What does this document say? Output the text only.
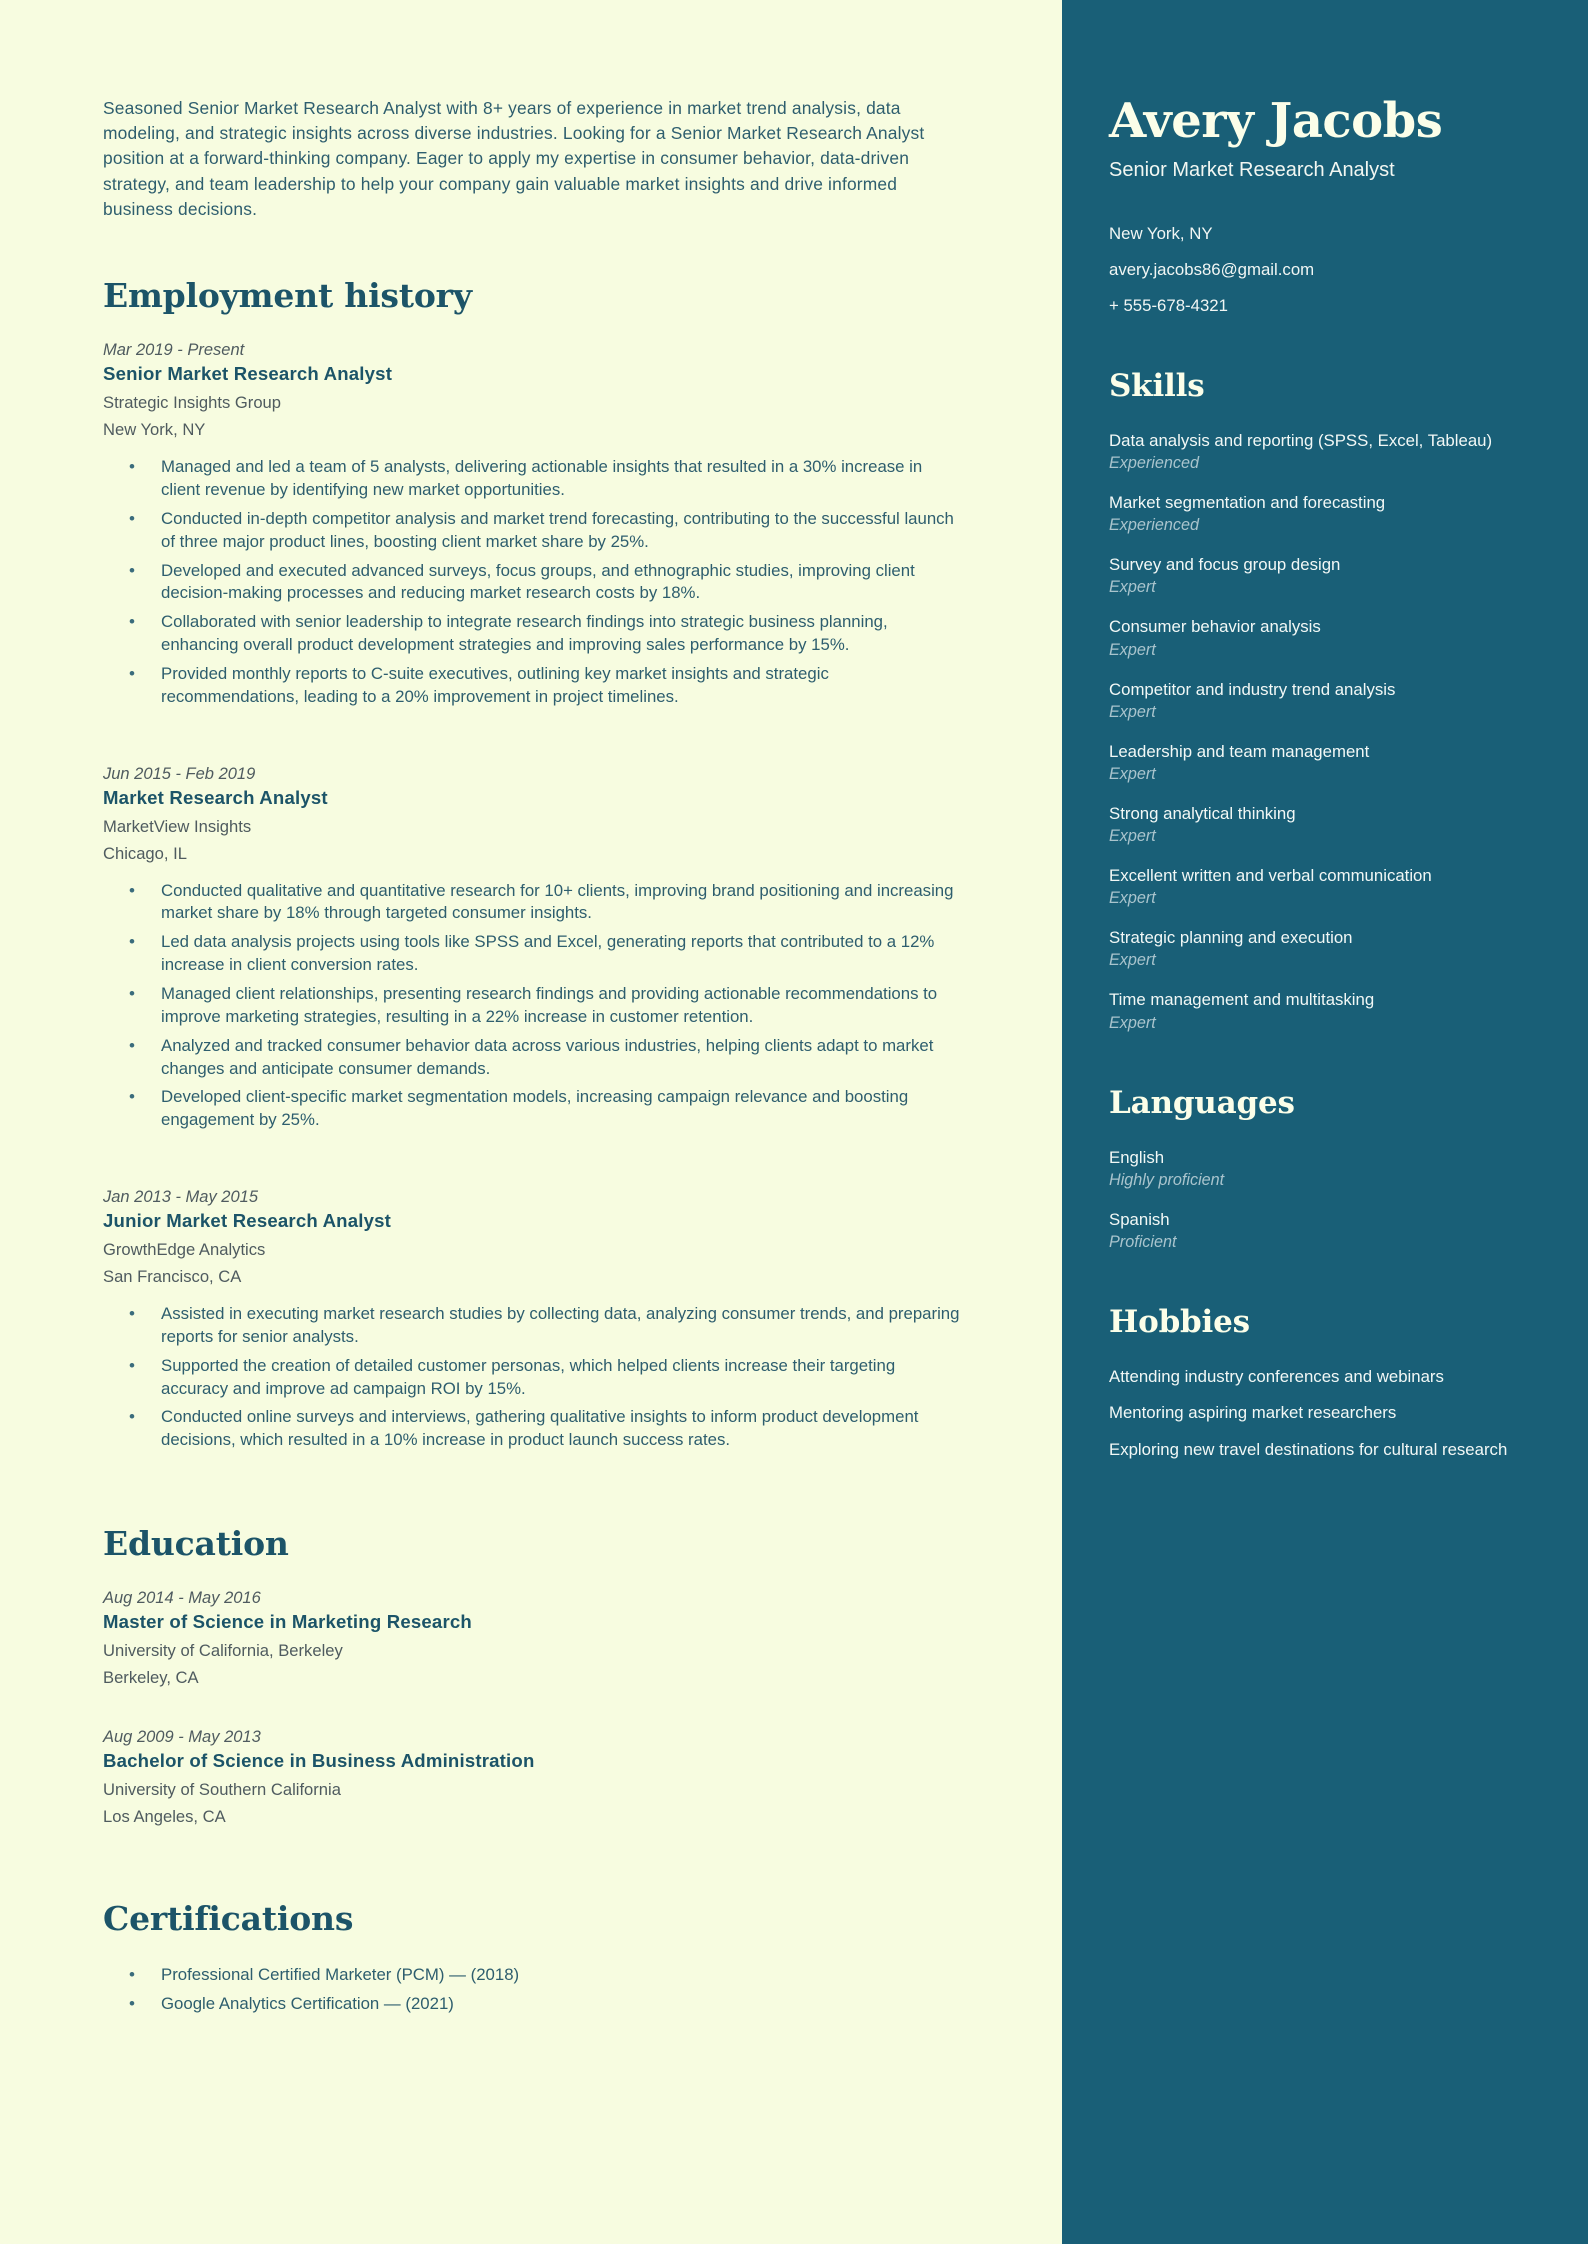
Seasoned Senior Market Research Analyst with 8+ years of experience in market trend analysis, data modeling, and strategic insights across diverse industries. Looking for a Senior Market Research Analyst position at a forward-thinking company. Eager to apply my expertise in consumer behavior, data-driven strategy, and team leadership to help your company gain valuable market insights and drive informed business decisions.

Employment history
Mar 2019 - Present
Senior Market Research Analyst
Strategic Insights Group
New York, NY
• Managed and led a team of 5 analysts, delivering actionable insights that resulted in a 30% increase in client revenue by identifying new market opportunities.
• Conducted in-depth competitor analysis and market trend forecasting, contributing to the successful launch of three major product lines, boosting client market share by 25%.
• Developed and executed advanced surveys, focus groups, and ethnographic studies, improving client decision-making processes and reducing market research costs by 18%.
• Collaborated with senior leadership to integrate research findings into strategic business planning, enhancing overall product development strategies and improving sales performance by 15%.
• Provided monthly reports to C-suite executives, outlining key market insights and strategic recommendations, leading to a 20% improvement in project timelines.
Jun 2015 - Feb 2019
Market Research Analyst
MarketView Insights
Chicago, IL
• Conducted qualitative and quantitative research for 10+ clients, improving brand positioning and increasing market share by 18% through targeted consumer insights.
• Led data analysis projects using tools like SPSS and Excel, generating reports that contributed to a 12% increase in client conversion rates.
• Managed client relationships, presenting research findings and providing actionable recommendations to improve marketing strategies, resulting in a 22% increase in customer retention.
• Analyzed and tracked consumer behavior data across various industries, helping clients adapt to market changes and anticipate consumer demands.
• Developed client-specific market segmentation models, increasing campaign relevance and boosting engagement by 25%.
Jan 2013 - May 2015
Junior Market Research Analyst
GrowthEdge Analytics
San Francisco, CA
• Assisted in executing market research studies by collecting data, analyzing consumer trends, and preparing reports for senior analysts.
• Supported the creation of detailed customer personas, which helped clients increase their targeting accuracy and improve ad campaign ROI by 15%.
• Conducted online surveys and interviews, gathering qualitative insights to inform product development decisions, which resulted in a 10% increase in product launch success rates.
Education
Aug 2014 - May 2016
Master of Science in Marketing Research
University of California, Berkeley
Berkeley, CA
Aug 2009 - May 2013
Bachelor of Science in Business Administration
University of Southern California
Los Angeles, CA
Certifications
• Professional Certified Marketer (PCM) — (2018)
• Google Analytics Certification — (2021)
Avery Jacobs
Senior Market Research Analyst
New York, NY
avery.jacobs86@gmail.com
+ 555-678-4321
Skills
Data analysis and reporting (SPSS, Excel, Tableau)
Experienced
Market segmentation and forecasting
Experienced
Survey and focus group design
Expert
Consumer behavior analysis
Expert
Competitor and industry trend analysis
Expert
Leadership and team management
Expert
Strong analytical thinking
Expert
Excellent written and verbal communication
Expert
Strategic planning and execution
Expert
Time management and multitasking
Expert
Languages
English
Highly proficient
Spanish
Proficient
Hobbies
Attending industry conferences and webinars
Mentoring aspiring market researchers
Exploring new travel destinations for cultural research
